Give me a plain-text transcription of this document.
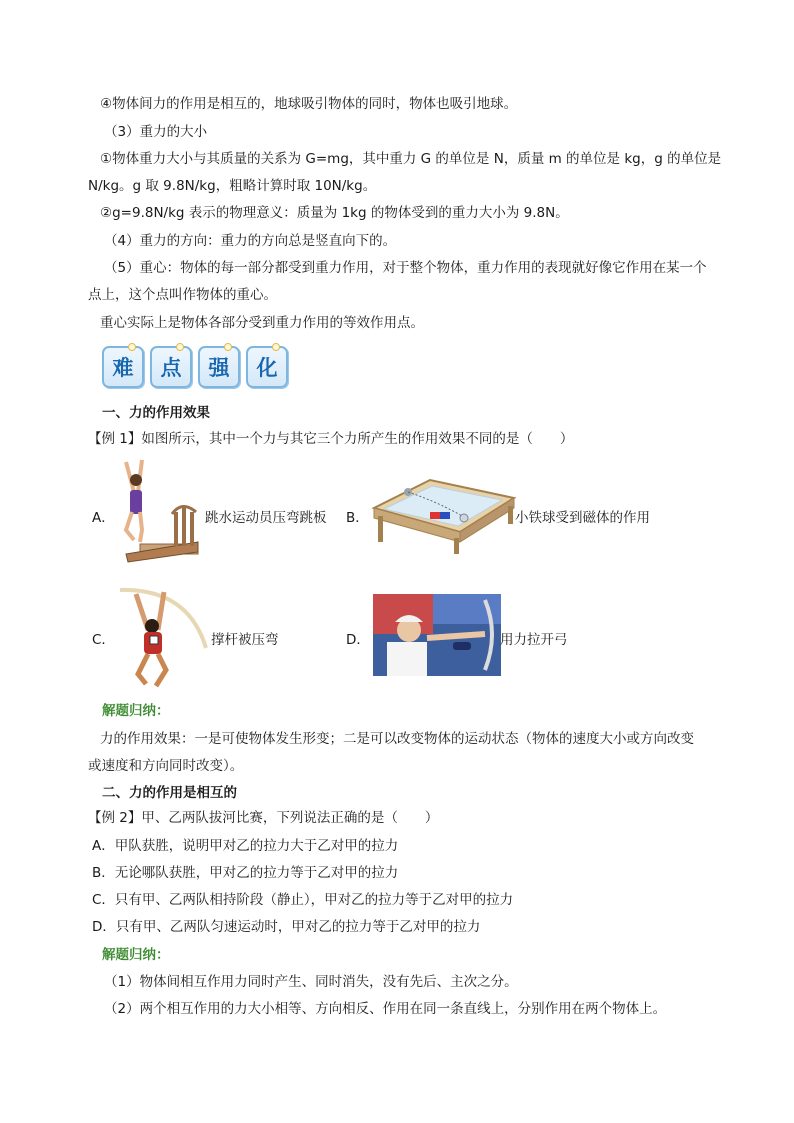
④物体间力的作用是相互的，地球吸引物体的同时，物体也吸引地球。
（3）重力的大小
①物体重力大小与其质量的关系为 G=mg，其中重力 G 的单位是 N，质量 m 的单位是 kg，g 的单位是
N/kg。g 取 9.8N/kg，粗略计算时取 10N/kg。
②g=9.8N/kg 表示的物理意义：质量为 1kg 的物体受到的重力大小为 9.8N。
（4）重力的方向：重力的方向总是竖直向下的。
（5）重心：物体的每一部分都受到重力作用，对于整个物体，重力作用的表现就好像它作用在某一个
点上，这个点叫作物体的重心。
重心实际上是物体各部分受到重力作用的等效作用点。
难	点	强	化
一、力的作用效果
【例 1】如图所示，其中一个力与其它三个力所产生的作用效果不同的是（　　）
A．	跳水运动员压弯跳板 B．	小铁球受到磁体的作用
C．	撑杆被压弯	D．	用力拉开弓
解题归纳：
力的作用效果：一是可使物体发生形变；二是可以改变物体的运动状态（物体的速度大小或方向改变
或速度和方向同时改变）。
二、力的作用是相互的
【例 2】甲、乙两队拔河比赛，下列说法正确的是（　　）
A．甲队获胜，说明甲对乙的拉力大于乙对甲的拉力
B．无论哪队获胜，甲对乙的拉力等于乙对甲的拉力
C．只有甲、乙两队相持阶段（静止），甲对乙的拉力等于乙对甲的拉力
D．只有甲、乙两队匀速运动时，甲对乙的拉力等于乙对甲的拉力
解题归纳：
（1）物体间相互作用力同时产生、同时消失，没有先后、主次之分。
（2）两个相互作用的力大小相等、方向相反、作用在同一条直线上，分别作用在两个物体上。
